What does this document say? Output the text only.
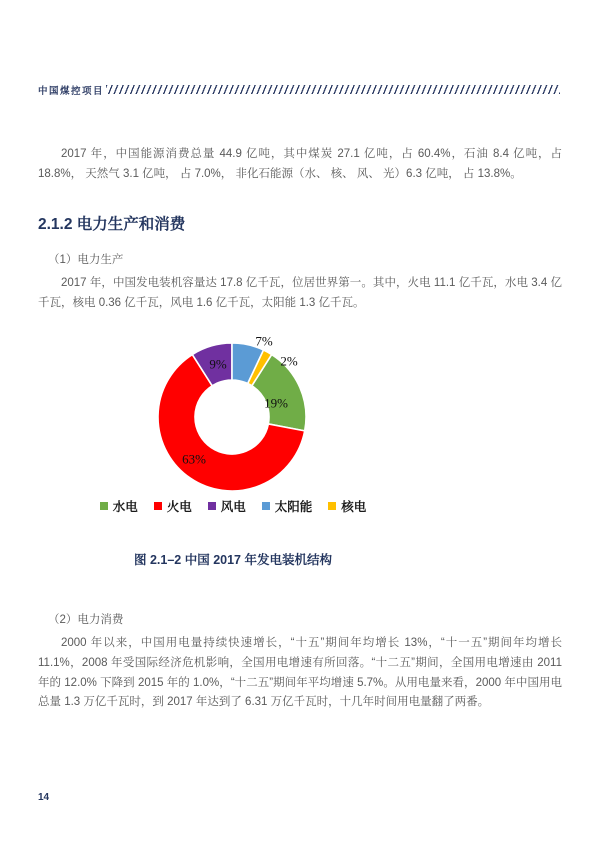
中国煤控项目
2017 年，中国能源消费总量 44.9 亿吨，其中煤炭 27.1 亿吨，占 60.4%，石油 8.4 亿吨，占 18.8%， 天然气 3.1 亿吨， 占 7.0%， 非化石能源（水、 核、 风、 光）6.3 亿吨， 占 13.8%。
2.1.2 电力生产和消费
（1）电力生产
2017 年，中国发电装机容量达 17.8 亿千瓦，位居世界第一。其中，火电 11.1 亿千瓦，水电 3.4 亿千瓦，核电 0.36 亿千瓦，风电 1.6 亿千瓦，太阳能 1.3 亿千瓦。
19%
63%
9%
7%
2%
水电 火电 风电 太阳能 核电
图 2.1–2 中国 2017 年发电装机结构
（2）电力消费
2000 年以来，中国用电量持续快速增长，“十五”期间年均增长 13%，“十一五”期间年均增长 11.1%，2008 年受国际经济危机影响，全国用电增速有所回落。“十二五”期间，全国用电增速由 2011 年的 12.0% 下降到 2015 年的 1.0%，“十二五”期间年平均增速 5.7%。从用电量来看，2000 年中国用电总量 1.3 万亿千瓦时，到 2017 年达到了 6.31 万亿千瓦时，十几年时间用电量翻了两番。
14
